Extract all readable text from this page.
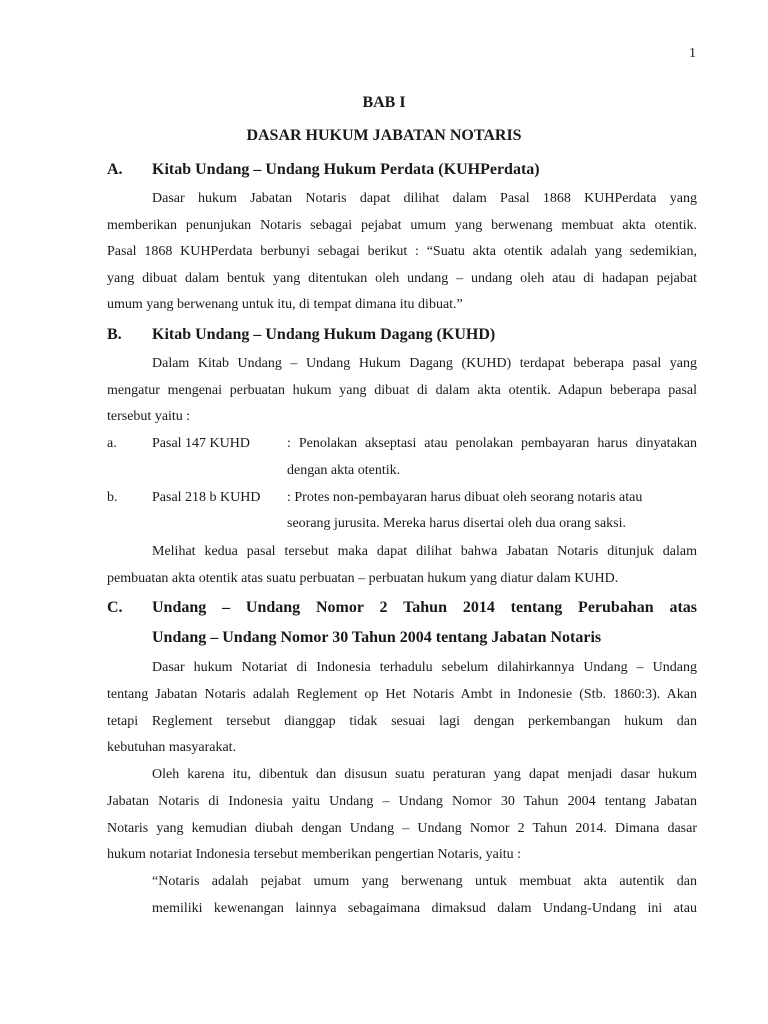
1
BAB I
DASAR HUKUM JABATAN NOTARIS
A. Kitab Undang – Undang Hukum Perdata (KUHPerdata)
Dasar hukum Jabatan Notaris dapat dilihat dalam Pasal 1868 KUHPerdata yang
memberikan penunjukan Notaris sebagai pejabat umum yang berwenang membuat akta otentik.
Pasal 1868 KUHPerdata berbunyi sebagai berikut : “Suatu akta otentik adalah yang sedemikian,
yang dibuat dalam bentuk yang ditentukan oleh undang – undang oleh atau di hadapan pejabat
umum yang berwenang untuk itu, di tempat dimana itu dibuat.”
B. Kitab Undang – Undang Hukum Dagang (KUHD)
Dalam Kitab Undang – Undang Hukum Dagang (KUHD) terdapat beberapa pasal yang
mengatur mengenai perbuatan hukum yang dibuat di dalam akta otentik. Adapun beberapa pasal
tersebut yaitu :
a.	Pasal 147 KUHD	: Penolakan akseptasi atau penolakan pembayaran harus dinyatakan
dengan akta otentik.
b. Pasal 218 b KUHD : Protes non-pembayaran harus dibuat oleh seorang notaris atau
seorang jurusita. Mereka harus disertai oleh dua orang saksi.
Melihat kedua pasal tersebut maka dapat dilihat bahwa Jabatan Notaris ditunjuk dalam
pembuatan akta otentik atas suatu perbuatan – perbuatan hukum yang diatur dalam KUHD.
C. Undang – Undang Nomor 2 Tahun 2014 tentang Perubahan atas
Undang – Undang Nomor 30 Tahun 2004 tentang Jabatan Notaris
Dasar hukum Notariat di Indonesia terhadulu sebelum dilahirkannya Undang – Undang
tentang Jabatan Notaris adalah Reglement op Het Notaris Ambt in Indonesie (Stb. 1860:3). Akan
tetapi Reglement tersebut dianggap tidak sesuai lagi dengan perkembangan hukum dan
kebutuhan masyarakat.
Oleh karena itu, dibentuk dan disusun suatu peraturan yang dapat menjadi dasar hukum
Jabatan Notaris di Indonesia yaitu Undang – Undang Nomor 30 Tahun 2004 tentang Jabatan
Notaris yang kemudian diubah dengan Undang – Undang Nomor 2 Tahun 2014. Dimana dasar
hukum notariat Indonesia tersebut memberikan pengertian Notaris, yaitu :
“Notaris adalah pejabat umum yang berwenang untuk membuat akta autentik dan
memiliki kewenangan lainnya sebagaimana dimaksud dalam Undang-Undang ini atau
